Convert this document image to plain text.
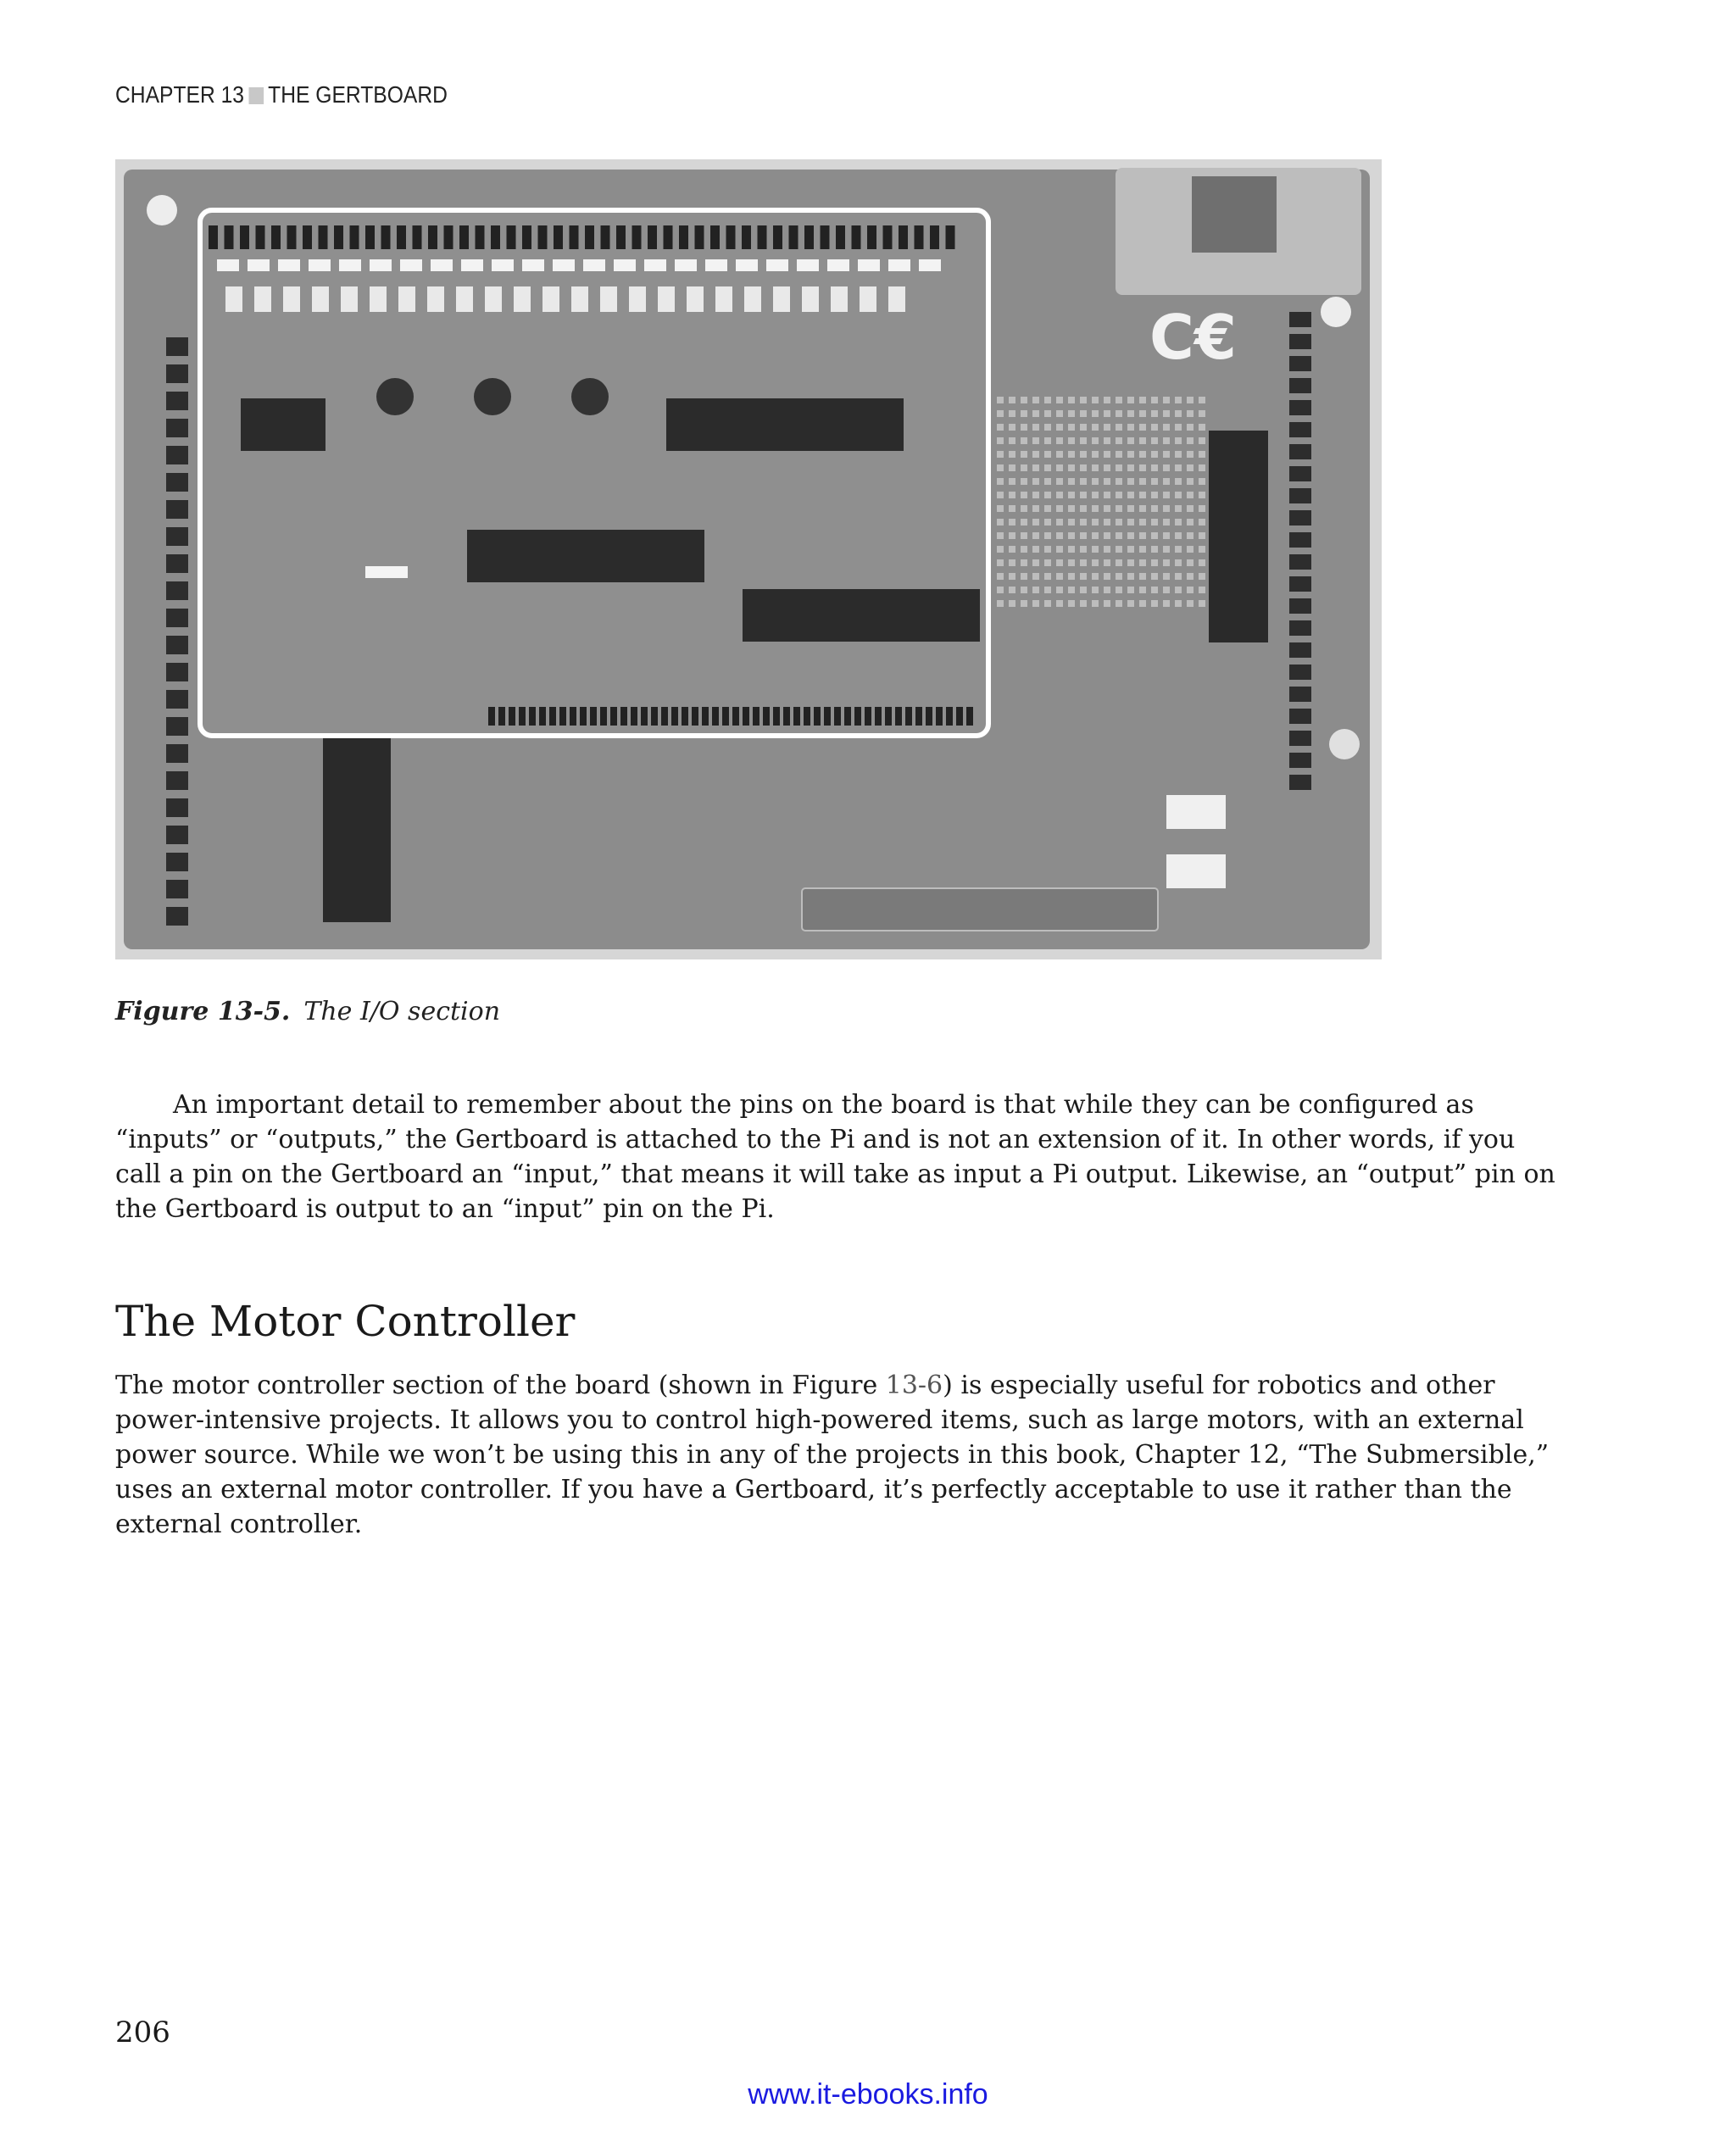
CHAPTER 13 THE GERTBOARD
C€
Figure 13-5. The I/O section
An important detail to remember about the pins on the board is that while they can be configured as “inputs” or “outputs,” the Gertboard is attached to the Pi and is not an extension of it. In other words, if you call a pin on the Gertboard an “input,” that means it will take as input a Pi output. Likewise, an “output” pin on the Gertboard is output to an “input” pin on the Pi.
The Motor Controller
The motor controller section of the board (shown in Figure 13-6) is especially useful for robotics and other power-intensive projects. It allows you to control high-powered items, such as large motors, with an external power source. While we won’t be using this in any of the projects in this book, Chapter 12, “The Submersible,” uses an external motor controller. If you have a Gertboard, it’s perfectly acceptable to use it rather than the external controller.
206
www.it-ebooks.info
